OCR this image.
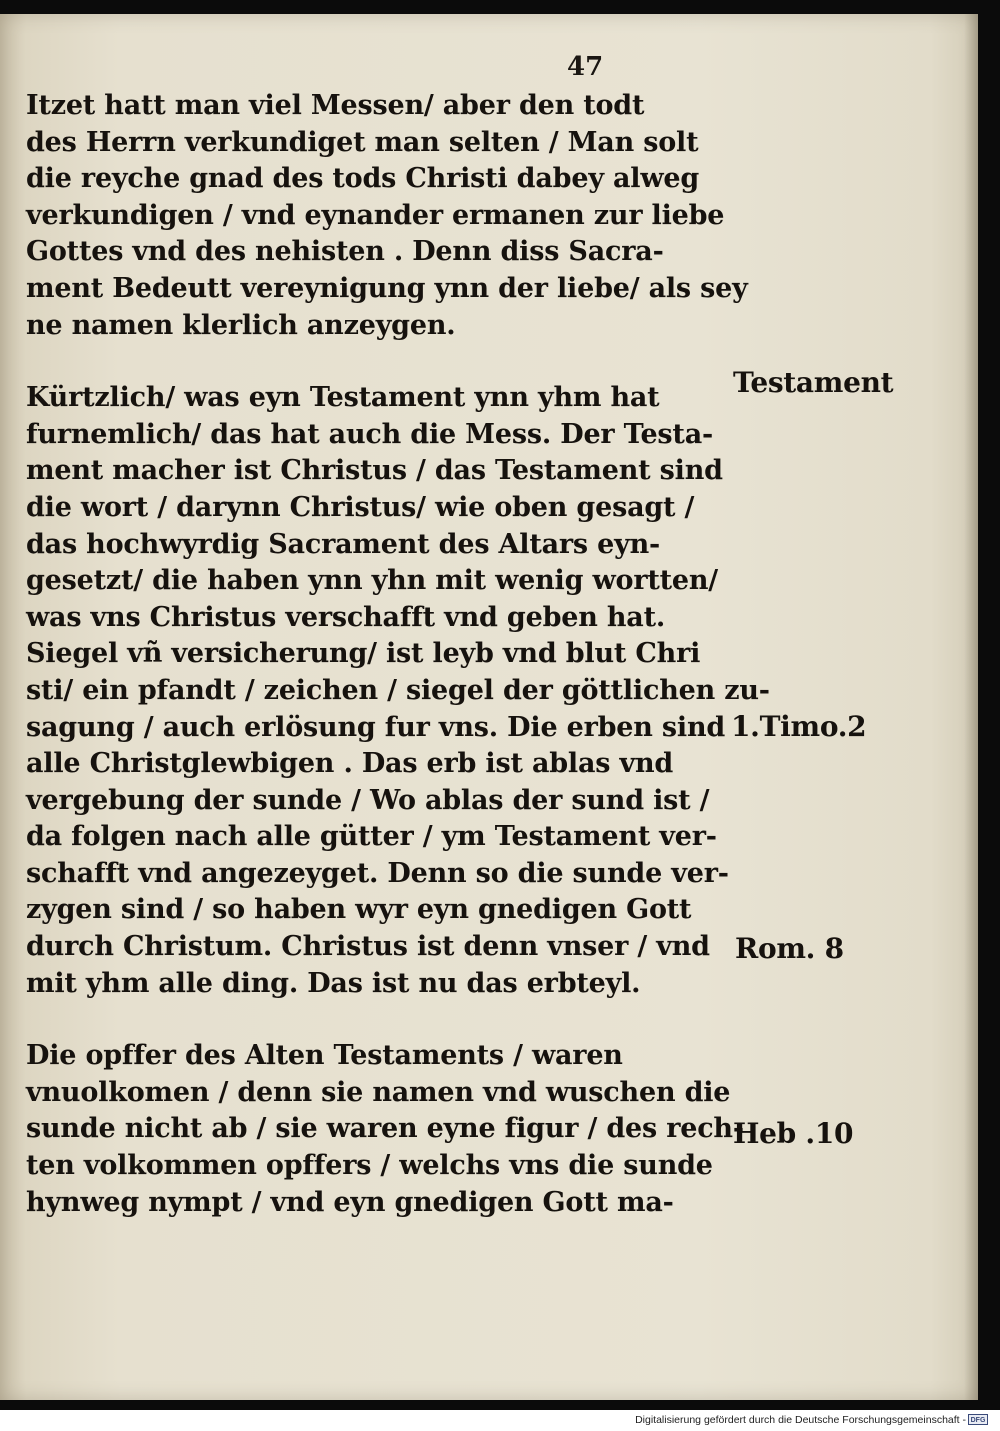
47

Itzet hatt man viel Messen/ aber den todt
des Herrn verkundiget man selten / Man solt
die reyche gnad des tods Christi dabey alweg
verkundigen / vnd eynander ermanen zur liebe
Gottes vnd des nehisten . Denn diss Sacra-
ment Bedeutt vereynigung ynn der liebe/ als sey
ne namen klerlich anzeygen.
Kürtzlich/ was eyn Testament ynn yhm hat
furnemlich/ das hat auch die Mess. Der Testa-
ment macher ist Christus / das Testament sind
die wort / darynn Christus/ wie oben gesagt /
das hochwyrdig Sacrament des Altars eyn-
gesetzt/ die haben ynn yhn mit wenig wortten/
was vns Christus verschafft vnd geben hat.
Siegel vñ versicherung/ ist leyb vnd blut Chri
sti/ ein pfandt / zeichen / siegel der göttlichen zu-
sagung / auch erlösung fur vns. Die erben sind
alle Christglewbigen . Das erb ist ablas vnd
vergebung der sunde / Wo ablas der sund ist /
da folgen nach alle gütter / ym Testament ver-
schafft vnd angezeyget. Denn so die sunde ver-
zygen sind / so haben wyr eyn gnedigen Gott
durch Christum. Christus ist denn vnser / vnd
mit yhm alle ding. Das ist nu das erbteyl.
Die opffer des Alten Testaments / waren
vnuolkomen / denn sie namen vnd wuschen die
sunde nicht ab / sie waren eyne figur / des rech-
ten volkommen opffers / welchs vns die sunde
hynweg nympt / vnd eyn gnedigen Gott ma-

Testament

1.Timo.2

Rom. 8

Heb .10

Digitalisierung gefördert durch die Deutsche Forschungsgemeinschaft - DFG
